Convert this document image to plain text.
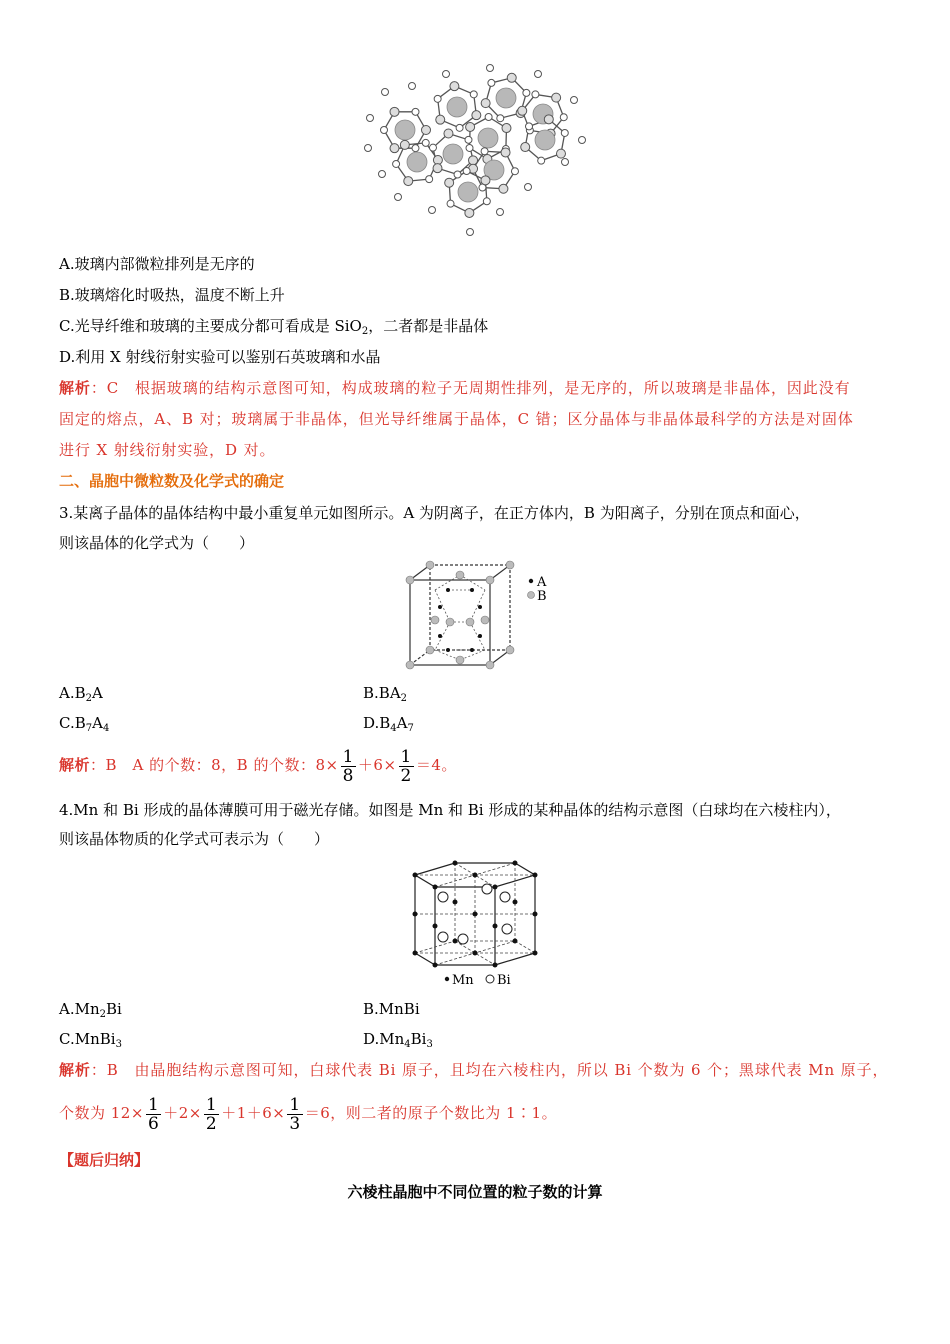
A.玻璃内部微粒排列是无序的
B.玻璃熔化时吸热，温度不断上升
C.光导纤维和玻璃的主要成分都可看成是 SiO$_2$，二者都是非晶体
D.利用 X 射线衍射实验可以鉴别石英玻璃和水晶
解析：C　根据玻璃的结构示意图可知，构成玻璃的粒子无周期性排列，是无序的，所以玻璃是非晶体，因此没有
固定的熔点，A、B 对；玻璃属于非晶体，但光导纤维属于晶体，C 错；区分晶体与非晶体最科学的方法是对固体
进行 X 射线衍射实验，D 对。
二、晶胞中微粒数及化学式的确定
3.某离子晶体的晶体结构中最小重复单元如图所示。A 为阴离子，在正方体内，B 为阳离子，分别在顶点和面心，
则该晶体的化学式为（　　）
A
B
$A.B_2A$	$B.BA_2$
$C.B_7A_4$	$D.B_4A_7$
解析：B　A 的个数：8，B 的个数：$8\times \frac{1}{8} +6\times \frac{1}{2} =4$。
4.Mn 和 Bi 形成的晶体薄膜可用于磁光存储。如图是 Mn 和 Bi 形成的某种晶体的结构示意图（白球均在六棱柱内），
则该晶体物质的化学式可表示为（　　）
Mn Bi
$A.Mn_2Bi$	B.MnBi
C.MnBi$_3$	$D.Mn_4Bi_3$
解析：B　由晶胞结构示意图可知，白球代表 Bi 原子，且均在六棱柱内，所以 Bi 个数为 6 个；黑球代表 Mn 原子，
个数为 $12\times \frac{1}{6} +2\times \frac{1}{2} +1+6\times \frac{1}{3} =6$，则二者的原子个数比为 1∶1。
【题后归纳】
六棱柱晶胞中不同位置的粒子数的计算
